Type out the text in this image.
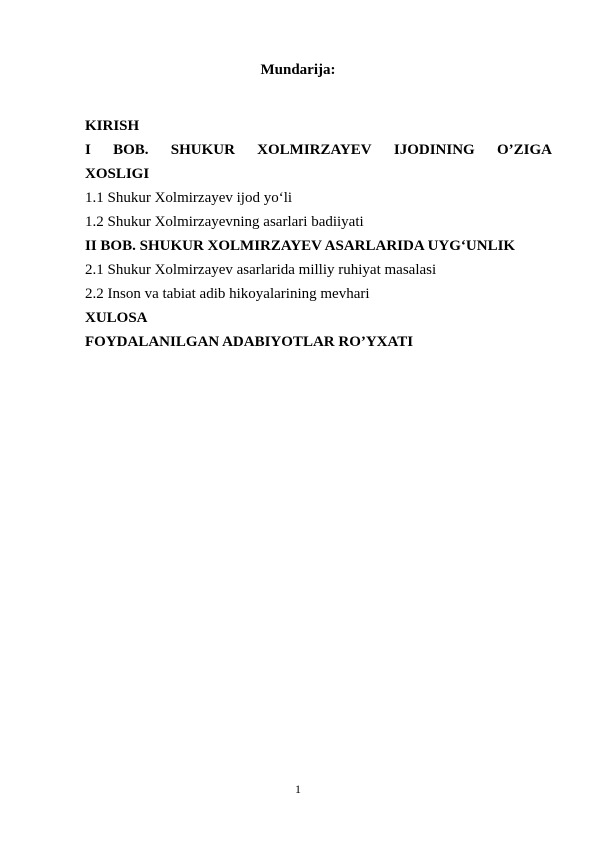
Mundarija:
KIRISH
I BOB. SHUKUR XOLMIRZAYEV IJODINING O’ZIGA
XOSLIGI
1.1 Shukur Xolmirzayev ijod yo‘li
1.2 Shukur Xolmirzayevning asarlari badiiyati
II BOB. SHUKUR XOLMIRZAYEV ASARLARIDA UYG‘UNLIK
2.1 Shukur Xolmirzayev asarlarida milliy ruhiyat masalasi
2.2 Inson va tabiat adib hikoyalarining mevhari
XULOSA
FOYDALANILGAN ADABIYOTLAR RO’YXATI
1
